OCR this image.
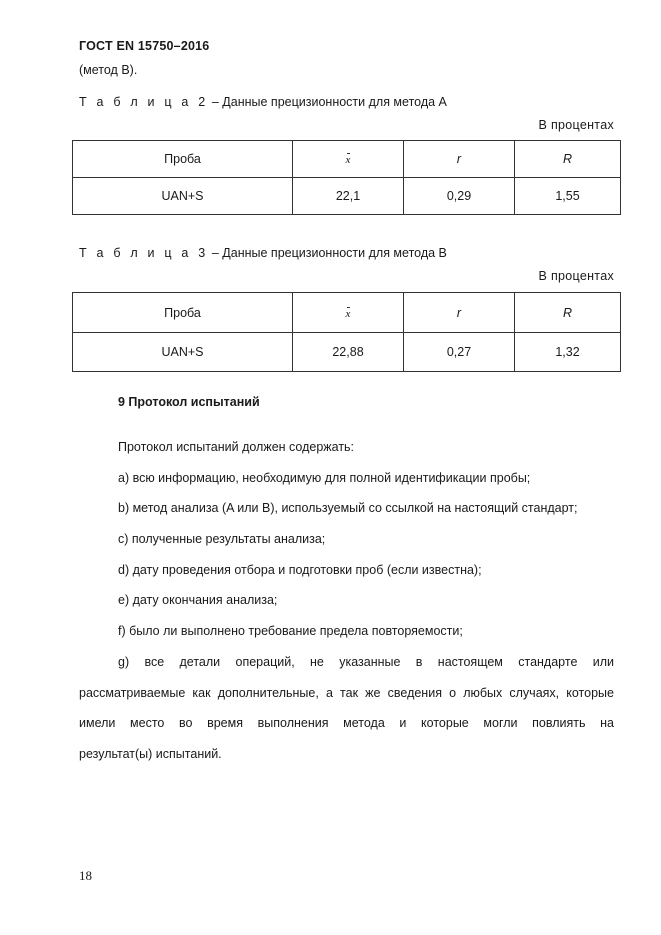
ГОСТ EN 15750–2016
(метод В).
Т а б л и ц а 2 – Данные прецизионности для метода А
В процентах
Проба	x	r	R
UAN+S	22,1	0,29	1,55
Т а б л и ц а 3 – Данные прецизионности для метода В
В процентах
Проба	x	r	R
UAN+S	22,88	0,27	1,32
9 Протокол испытаний
Протокол испытаний должен содержать:
a) всю информацию, необходимую для полной идентификации пробы;
b) метод анализа (A или B), используемый со ссылкой на настоящий стандарт;
c) полученные результаты анализа;
d) дату проведения отбора и подготовки проб (если известна);
e) дату окончания анализа;
f) было ли выполнено требование предела повторяемости;
g) все детали операций, не указанные в настоящем стандарте или
рассматриваемые как дополнительные, а так же сведения о любых случаях, которые
имели место во время выполнения метода и которые могли повлиять на
результат(ы) испытаний.
18
